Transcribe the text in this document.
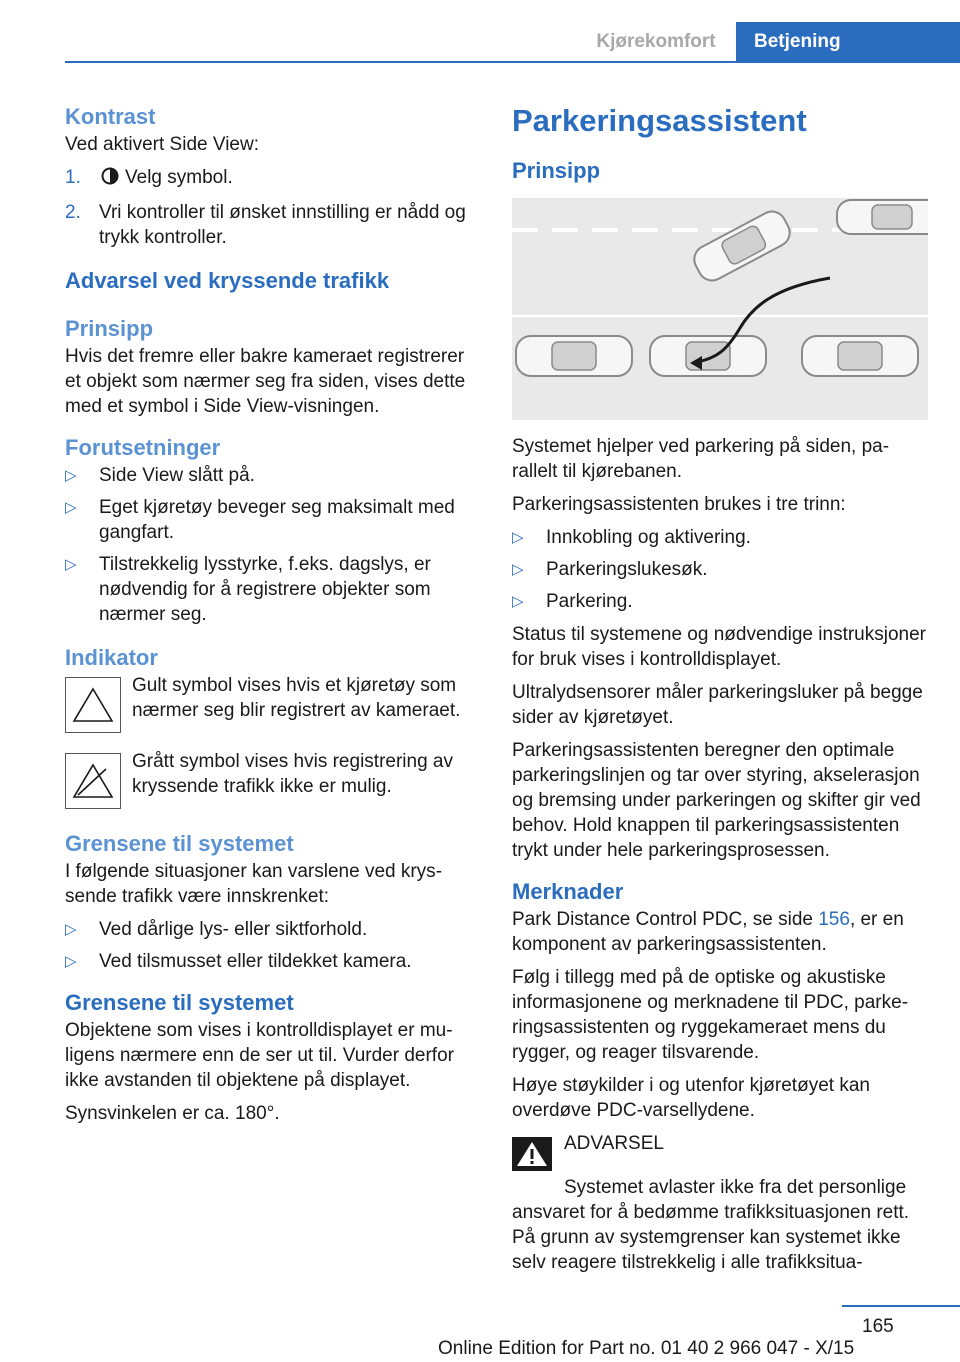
Kjørekomfort	Betjening
Kontrast

Ved aktivert Side View:

1. Velg symbol.
2. Vri kontroller til ønsket innstilling er nådd og trykk kontroller.
Advarsel ved kryssende trafikk
Prinsipp

Hvis det fremre eller bakre kameraet registrerer et objekt som nærmer seg fra siden, vises dette med et symbol i Side View-visningen.

Forutsetninger
▷ Side View slått på.
▷ Eget kjøretøy beveger seg maksimalt med gangfart.
▷ Tilstrekkelig lysstyrke, f.eks. dagslys, er nødvendig for å registrere objekter som nærmer seg.
Indikator

Gult symbol vises hvis et kjøretøy som nærmer seg blir registrert av kameraet.

Grått symbol vises hvis registrering av kryssende trafikk ikke er mulig.

Grensene til systemet

I følgende situasjoner kan varslene ved kryssende trafikk være innskrenket:

▷ Ved dårlige lys- eller siktforhold.
▷ Ved tilsmusset eller tildekket kamera.
Grensene til systemet

Objektene som vises i kontrolldisplayet er muligens nærmere enn de ser ut til. Vurder derfor ikke avstanden til objektene på displayet.

Synsvinkelen er ca. 180°.

Parkeringsassistent
Prinsipp

Systemet hjelper ved parkering på siden, parallelt til kjørebanen.

Parkeringsassistenten brukes i tre trinn:

▷ Innkobling og aktivering.
▷ Parkeringslukesøk.
▷ Parkering.

Status til systemene og nødvendige instruksjoner for bruk vises i kontrolldisplayet.

Ultralydsensorer måler parkeringsluker på begge sider av kjøretøyet.

Parkeringsassistenten beregner den optimale parkeringslinjen og tar over styring, akselerasjon og bremsing under parkeringen og skifter gir ved behov. Hold knappen til parkeringsassistenten trykt under hele parkeringsprosessen.

Merknader

Park Distance Control PDC, se side 156, er en komponent av parkeringsassistenten.

Følg i tillegg med på de optiske og akustiske informasjonene og merknadene til PDC, parkeringsassistenten og ryggekameraet mens du rygger, og reager tilsvarende.

Høye støykilder i og utenfor kjøretøyet kan overdøve PDC-varsellydene.

ADVARSEL

Systemet avlaster ikke fra det personlige ansvaret for å bedømme trafikksituasjonen rett. På grunn av systemgrenser kan systemet ikke selv reagere tilstrekkelig i alle trafikksitua-

165
Online Edition for Part no. 01 40 2 966 047 - X/15
